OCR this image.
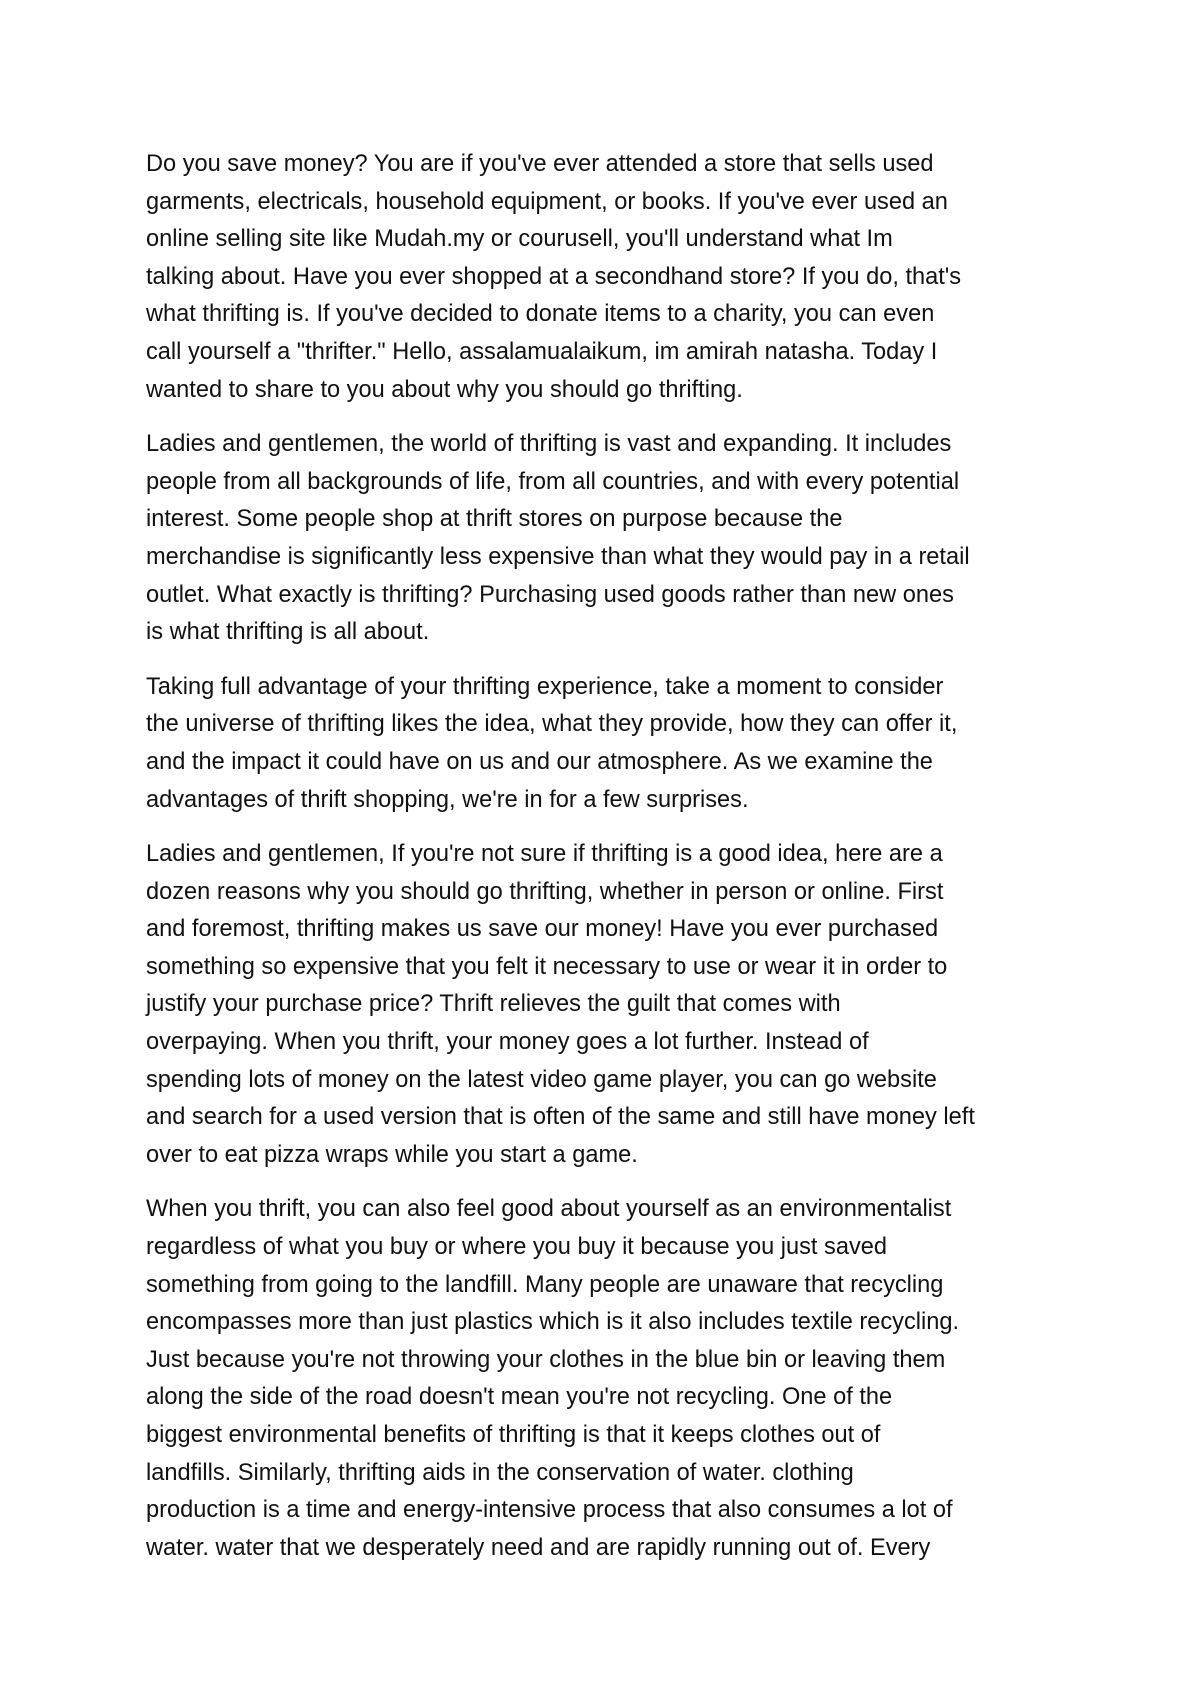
Do you save money? You are if you've ever attended a store that sells used
garments, electricals, household equipment, or books. If you've ever used an
online selling site like Mudah.my or courusell, you'll understand what Im
talking about. Have you ever shopped at a secondhand store? If you do, that's
what thrifting is. If you've decided to donate items to a charity, you can even
call yourself a "thrifter." Hello, assalamualaikum, im amirah natasha. Today I
wanted to share to you about why you should go thrifting.

Ladies and gentlemen, the world of thrifting is vast and expanding. It includes
people from all backgrounds of life, from all countries, and with every potential
interest. Some people shop at thrift stores on purpose because the
merchandise is significantly less expensive than what they would pay in a retail
outlet. What exactly is thrifting? Purchasing used goods rather than new ones
is what thrifting is all about.

Taking full advantage of your thrifting experience, take a moment to consider
the universe of thrifting likes the idea, what they provide, how they can offer it,
and the impact it could have on us and our atmosphere. As we examine the
advantages of thrift shopping, we're in for a few surprises.

Ladies and gentlemen, If you're not sure if thrifting is a good idea, here are a
dozen reasons why you should go thrifting, whether in person or online. First
and foremost, thrifting makes us save our money! Have you ever purchased
something so expensive that you felt it necessary to use or wear it in order to
justify your purchase price? Thrift relieves the guilt that comes with
overpaying. When you thrift, your money goes a lot further. Instead of
spending lots of money on the latest video game player, you can go website
and search for a used version that is often of the same and still have money left
over to eat pizza wraps while you start a game.

When you thrift, you can also feel good about yourself as an environmentalist
regardless of what you buy or where you buy it because you just saved
something from going to the landfill. Many people are unaware that recycling
encompasses more than just plastics which is it also includes textile recycling.
Just because you're not throwing your clothes in the blue bin or leaving them
along the side of the road doesn't mean you're not recycling. One of the
biggest environmental benefits of thrifting is that it keeps clothes out of
landfills. Similarly, thrifting aids in the conservation of water. clothing
production is a time and energy-intensive process that also consumes a lot of
water. water that we desperately need and are rapidly running out of. Every
